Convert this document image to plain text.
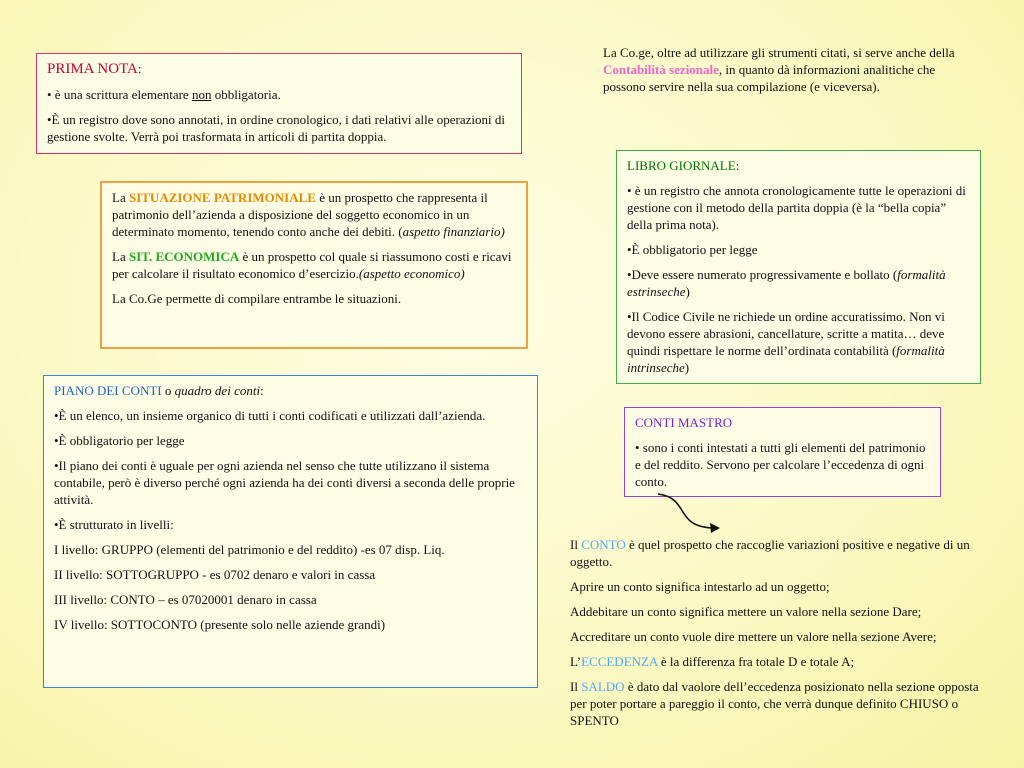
La Co.ge, oltre ad utilizzare gli strumenti citati, si serve anche della Contabilità sezionale, in quanto dà informazioni analitiche che possono servire nella sua compilazione (e viceversa).

PRIMA NOTA:

• è una scrittura elementare non obbligatoria.

•È un registro dove sono annotati, in ordine cronologico, i dati relativi alle operazioni di gestione svolte. Verrà poi trasformata in articoli di partita doppia.

La SITUAZIONE PATRIMONIALE è un prospetto che rappresenta il patrimonio dell’azienda a disposizione del soggetto economico in un determinato momento, tenendo conto anche dei debiti. (aspetto finanziario)

La SIT. ECONOMICA è un prospetto col quale si riassumono costi e ricavi per calcolare il risultato economico d’esercizio.(aspetto economico)

La Co.Ge permette di compilare entrambe le situazioni.

PIANO DEI CONTI o quadro dei conti:

•È un elenco, un insieme organico di tutti i conti codificati e utilizzati dall’azienda.

•È obbligatorio per legge

•Il piano dei conti è uguale per ogni azienda nel senso che tutte utilizzano il sistema contabile, però è diverso perché ogni azienda ha dei conti diversi a seconda delle proprie attività.

•È strutturato in livelli:

I livello: GRUPPO (elementi del patrimonio e del reddito) -es 07 disp. Liq.

II livello: SOTTOGRUPPO - es 0702 denaro e valori in cassa

III livello: CONTO – es 07020001 denaro in cassa

IV livello: SOTTOCONTO (presente solo nelle aziende grandi)

LIBRO GIORNALE:

• è un registro che annota cronologicamente tutte le operazioni di gestione con il metodo della partita doppia (è la “bella copia” della prima nota).

•È obbligatorio per legge

•Deve essere numerato progressivamente e bollato (formalità estrinseche)

•Il Codice Civile ne richiede un ordine accuratissimo. Non vi devono essere abrasioni, cancellature, scritte a matita… deve quindi rispettare le norme dell’ordinata contabilità (formalità intrinseche)

CONTI MASTRO

• sono i conti intestati a tutti gli elementi del patrimonio e del reddito. Servono per calcolare l’eccedenza di ogni conto.

Il CONTO è quel prospetto che raccoglie variazioni positive e negative di un oggetto.

Aprire un conto significa intestarlo ad un oggetto;

Addebitare un conto significa mettere un valore nella sezione Dare;

Accreditare un conto vuole dire mettere un valore nella sezione Avere;

L’ECCEDENZA è la differenza fra totale D e totale A;

Il SALDO è dato dal vaolore dell’eccedenza posizionato nella sezione opposta per poter portare a pareggio il conto, che verrà dunque definito CHIUSO o SPENTO
